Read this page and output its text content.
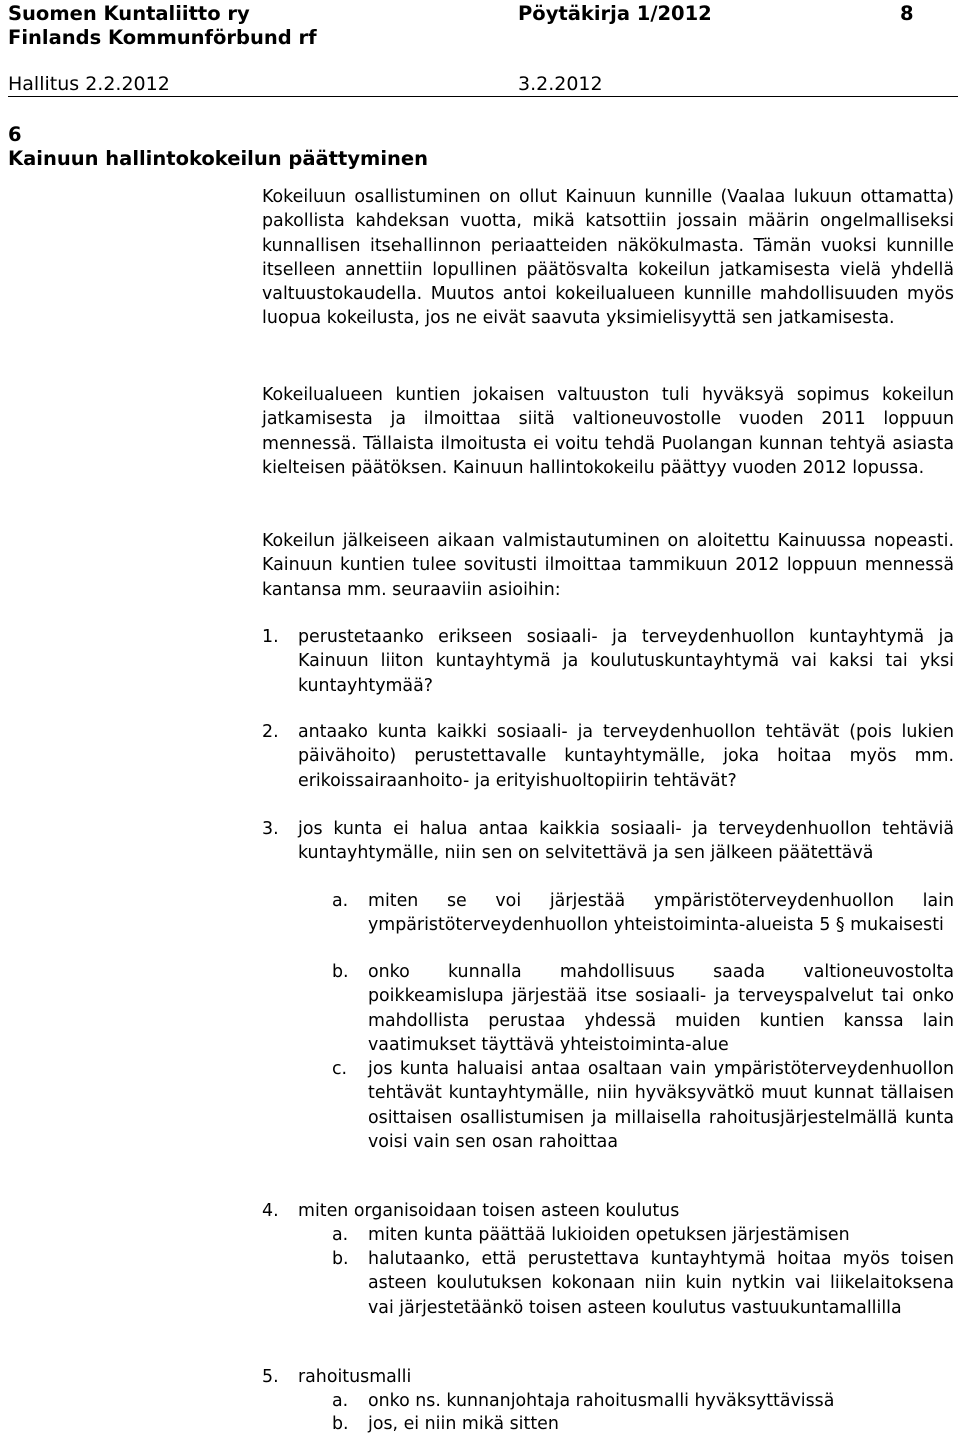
Suomen Kuntaliitto ry
Finlands Kommunförbund rf
Pöytäkirja 1/2012	8
Hallitus 2.2.2012	3.2.2012
6
Kainuun hallintokokeilun päättyminen

Kokeiluun osallistuminen on ollut Kainuun kunnille (Vaalaa lukuun ottamatta) pakollista kahdeksan vuotta, mikä katsottiin jossain määrin ongelmalliseksi kunnallisen itsehallinnon periaatteiden näkökulmasta. Tämän vuoksi kunnille itselleen annettiin lopullinen päätösvalta kokeilun jatkamisesta vielä yhdellä valtuustokaudella. Muutos antoi kokeilualueen kunnille mahdollisuuden myös luopua kokeilusta, jos ne eivät saavuta yksimielisyyttä sen jatkamisesta.

Kokeilualueen kuntien jokaisen valtuuston tuli hyväksyä sopimus kokeilun jatkamisesta ja ilmoittaa siitä valtioneuvostolle vuoden 2011 loppuun mennessä. Tällaista ilmoitusta ei voitu tehdä Puolangan kunnan tehtyä asiasta kielteisen päätöksen. Kainuun hallintokokeilu päättyy vuoden 2012 lopussa.

Kokeilun jälkeiseen aikaan valmistautuminen on aloitettu Kainuussa nopeasti. Kainuun kuntien tulee sovitusti ilmoittaa tammikuun 2012 loppuun mennessä kantansa mm. seuraaviin asioihin:

1. perustetaanko erikseen sosiaali- ja terveydenhuollon kuntayhtymä ja Kainuun liiton kuntayhtymä ja koulutuskuntayhtymä vai kaksi tai yksi kuntayhtymää?
2. antaako kunta kaikki sosiaali- ja terveydenhuollon tehtävät (pois lukien päivähoito) perustettavalle kuntayhtymälle, joka hoitaa myös mm. erikoissairaanhoito- ja erityishuoltopiirin tehtävät?
3. jos kunta ei halua antaa kaikkia sosiaali- ja terveydenhuollon tehtäviä kuntayhtymälle, niin sen on selvitettävä ja sen jälkeen päätettävä
a. miten se voi järjestää ympäristöterveydenhuollon lain ympäristöterveydenhuollon yhteistoiminta-alueista 5 § mukaisesti
b. onko kunnalla mahdollisuus saada valtioneuvostolta poikkeamislupa järjestää itse sosiaali- ja terveyspalvelut tai onko mahdollista perustaa yhdessä muiden kuntien kanssa lain vaatimukset täyttävä yhteistoiminta-alue
c. jos kunta haluaisi antaa osaltaan vain ympäristöterveydenhuollon tehtävät kuntayhtymälle, niin hyväksyvätkö muut kunnat tällaisen osittaisen osallistumisen ja millaisella rahoitusjärjestelmällä kunta voisi vain sen osan rahoittaa
4. miten organisoidaan toisen asteen koulutus
a. miten kunta päättää lukioiden opetuksen järjestämisen
b. halutaanko, että perustettava kuntayhtymä hoitaa myös toisen asteen koulutuksen kokonaan niin kuin nytkin vai liikelaitoksena vai järjestetäänkö toisen asteen koulutus vastuukuntamallilla
5. rahoitusmalli
a. onko ns. kunnanjohtaja rahoitusmalli hyväksyttävissä
b. jos, ei niin mikä sitten
